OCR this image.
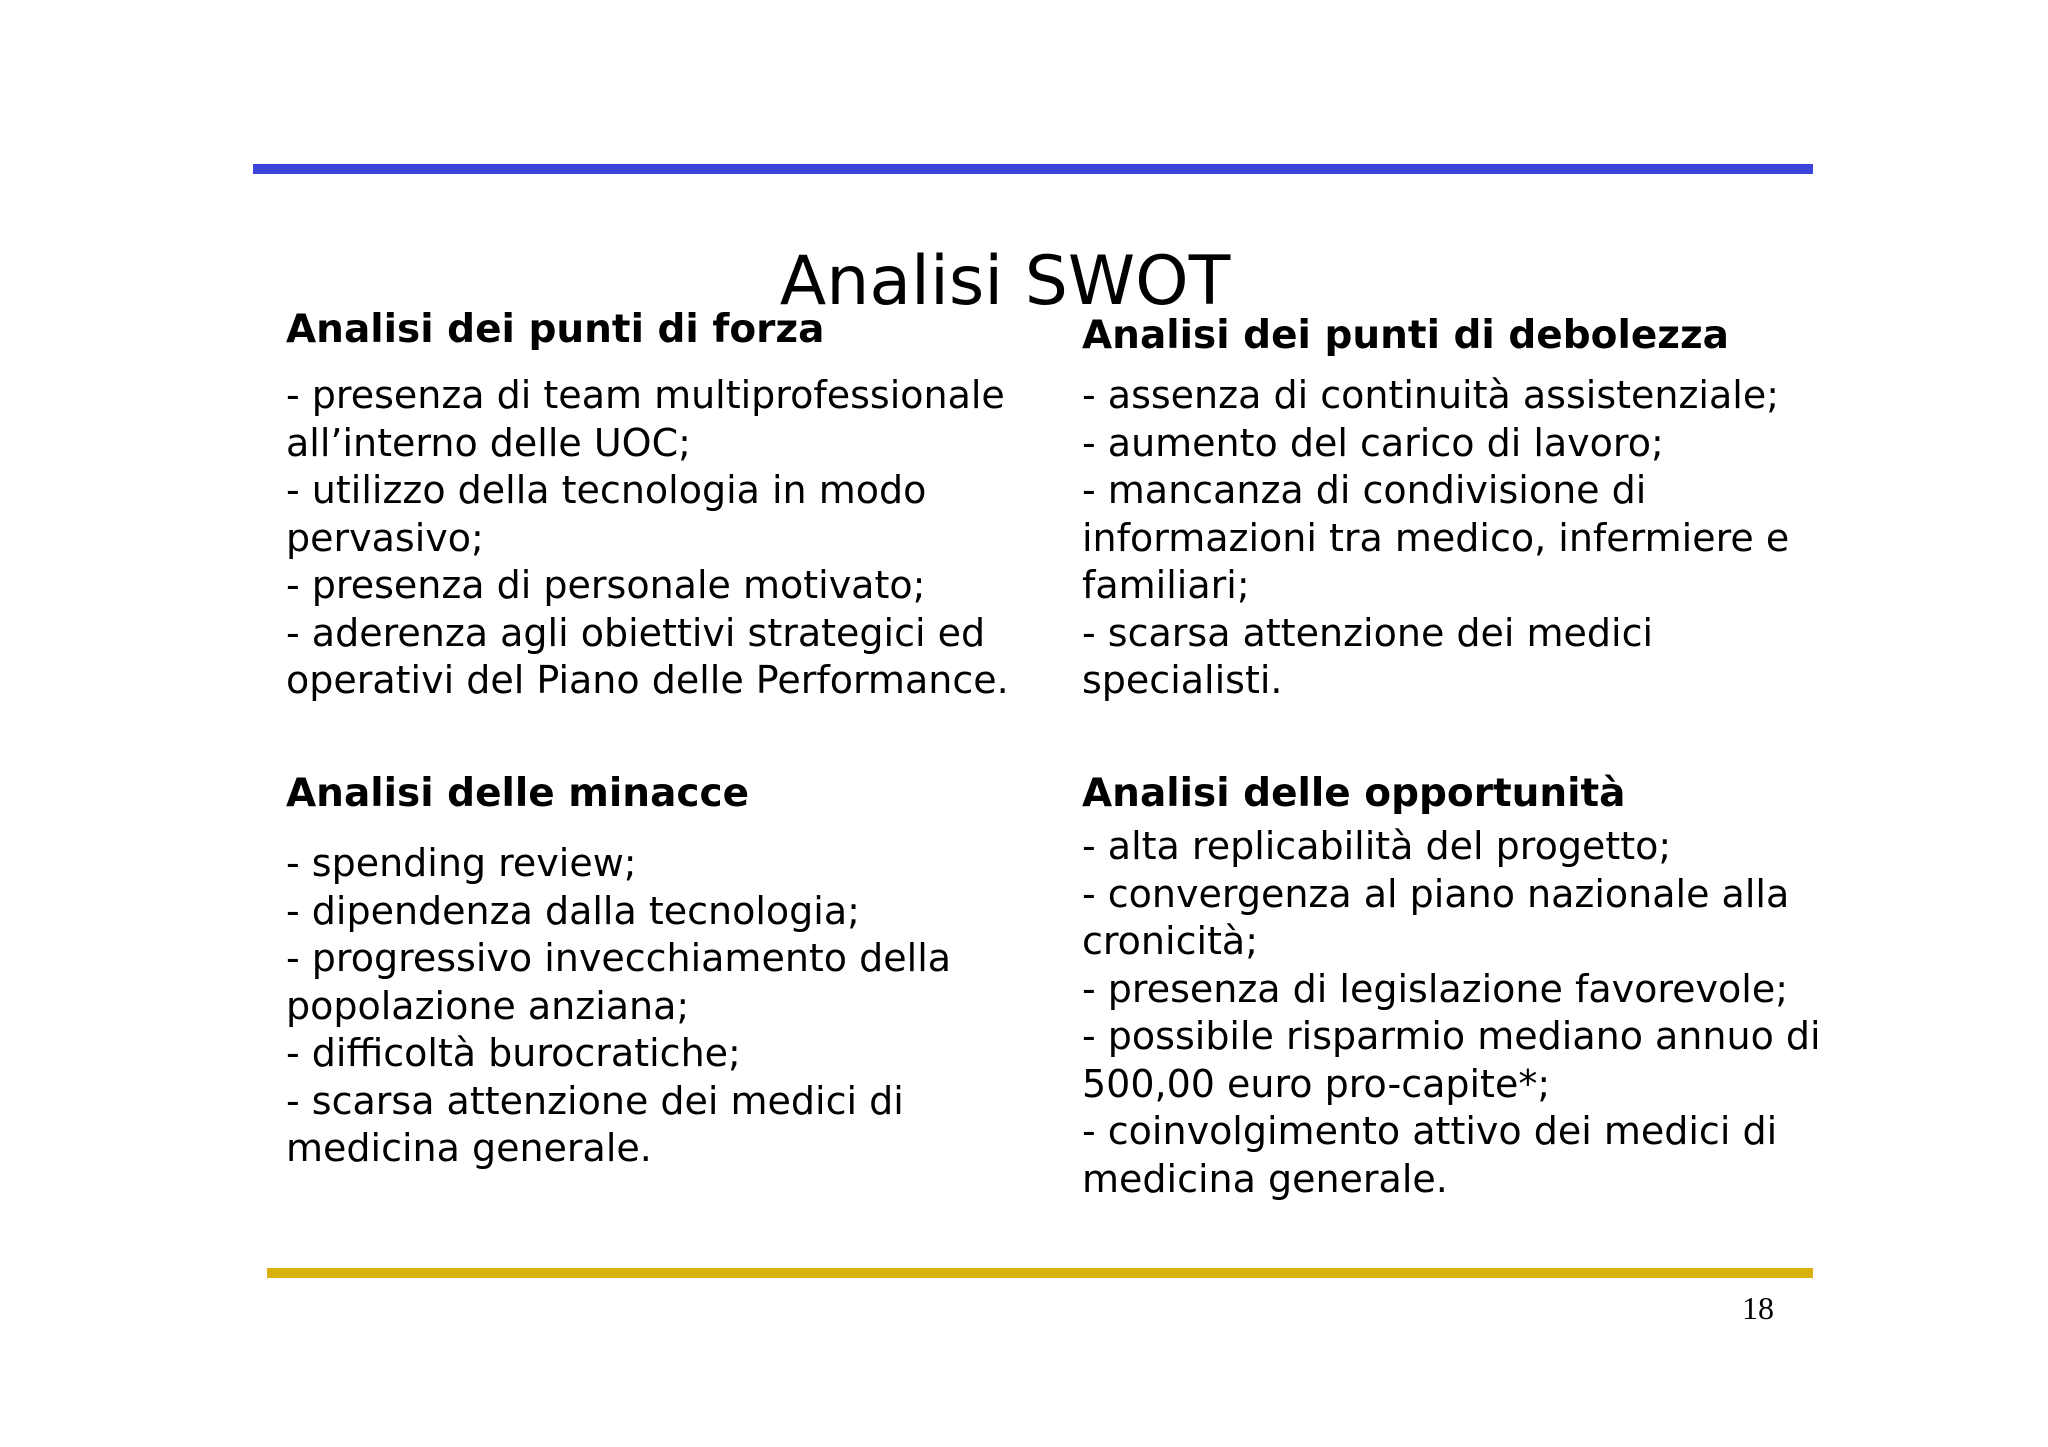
Analisi SWOT
Analisi dei punti di forza
- presenza di team multiprofessionale all’interno delle UOC;
- utilizzo della tecnologia in modo pervasivo;
- presenza di personale motivato;
- aderenza agli obiettivi strategici ed operativi del Piano delle Performance.
Analisi dei punti di debolezza
- assenza di continuità assistenziale;
- aumento del carico di lavoro;
- mancanza di condivisione di informazioni tra medico, infermiere e familiari;
- scarsa attenzione dei medici specialisti.
Analisi delle minacce
- spending review;
- dipendenza dalla tecnologia;
- progressivo invecchiamento della popolazione anziana;
- difficoltà burocratiche;
- scarsa attenzione dei medici di medicina generale.
Analisi delle opportunità
- alta replicabilità del progetto;
- convergenza al piano nazionale alla cronicità;
- presenza di legislazione favorevole;
- possibile risparmio mediano annuo di 500,00 euro pro-capite*;
- coinvolgimento attivo dei medici di medicina generale.
18
